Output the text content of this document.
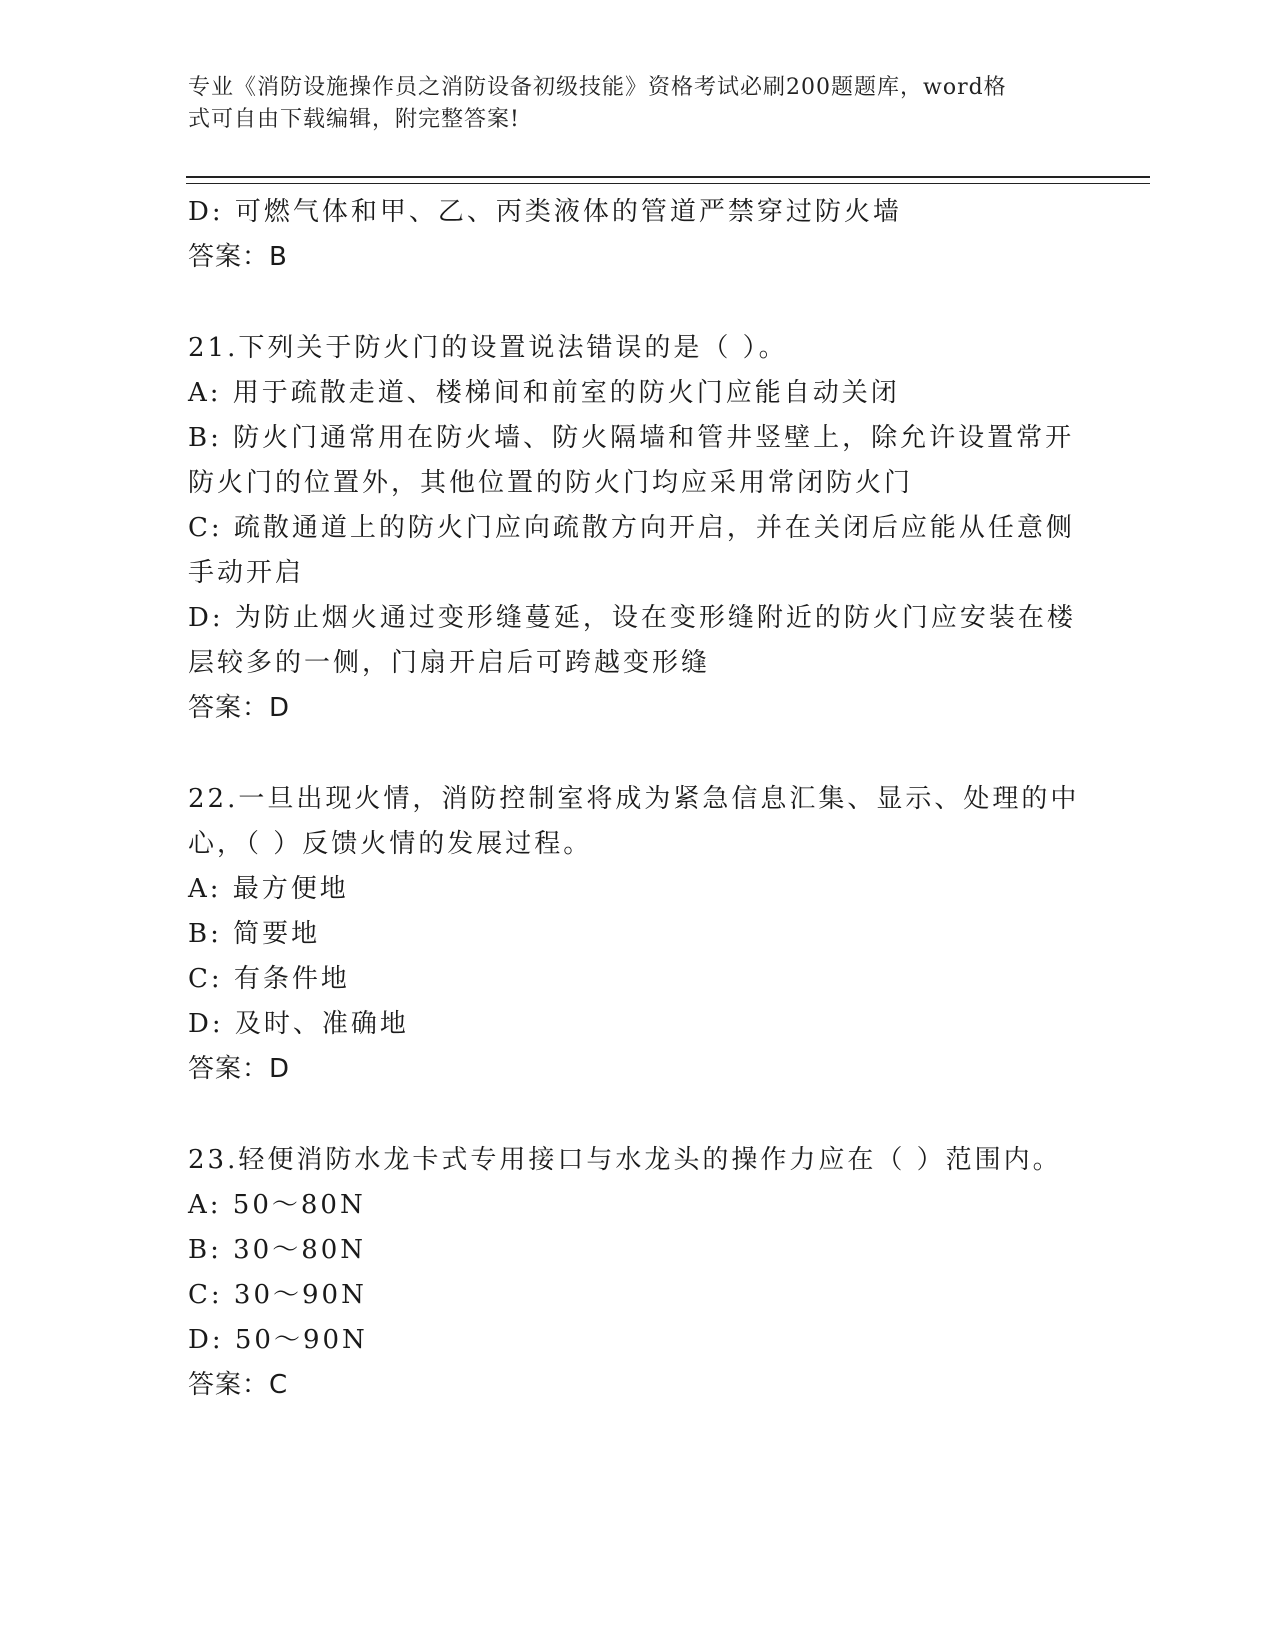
专业《消防设施操作员之消防设备初级技能》资格考试必刷200题题库，word格
式可自由下载编辑，附完整答案!
D: 可燃气体和甲、乙、丙类液体的管道严禁穿过防火墙
答案：B
21.下列关于防火门的设置说法错误的是（ ）。
A: 用于疏散走道、楼梯间和前室的防火门应能自动关闭
B: 防火门通常用在防火墙、防火隔墙和管井竖壁上，除允许设置常开
防火门的位置外，其他位置的防火门均应采用常闭防火门
C: 疏散通道上的防火门应向疏散方向开启，并在关闭后应能从任意侧
手动开启
D: 为防止烟火通过变形缝蔓延，设在变形缝附近的防火门应安装在楼
层较多的一侧，门扇开启后可跨越变形缝
答案：D
22.一旦出现火情，消防控制室将成为紧急信息汇集、显示、处理的中
心，（ ）反馈火情的发展过程。
A: 最方便地
B: 简要地
C: 有条件地
D: 及时、准确地
答案：D
23.轻便消防水龙卡式专用接口与水龙头的操作力应在（ ）范围内。
A: 50～80N
B: 30～80N
C: 30～90N
D: 50～90N
答案：C
